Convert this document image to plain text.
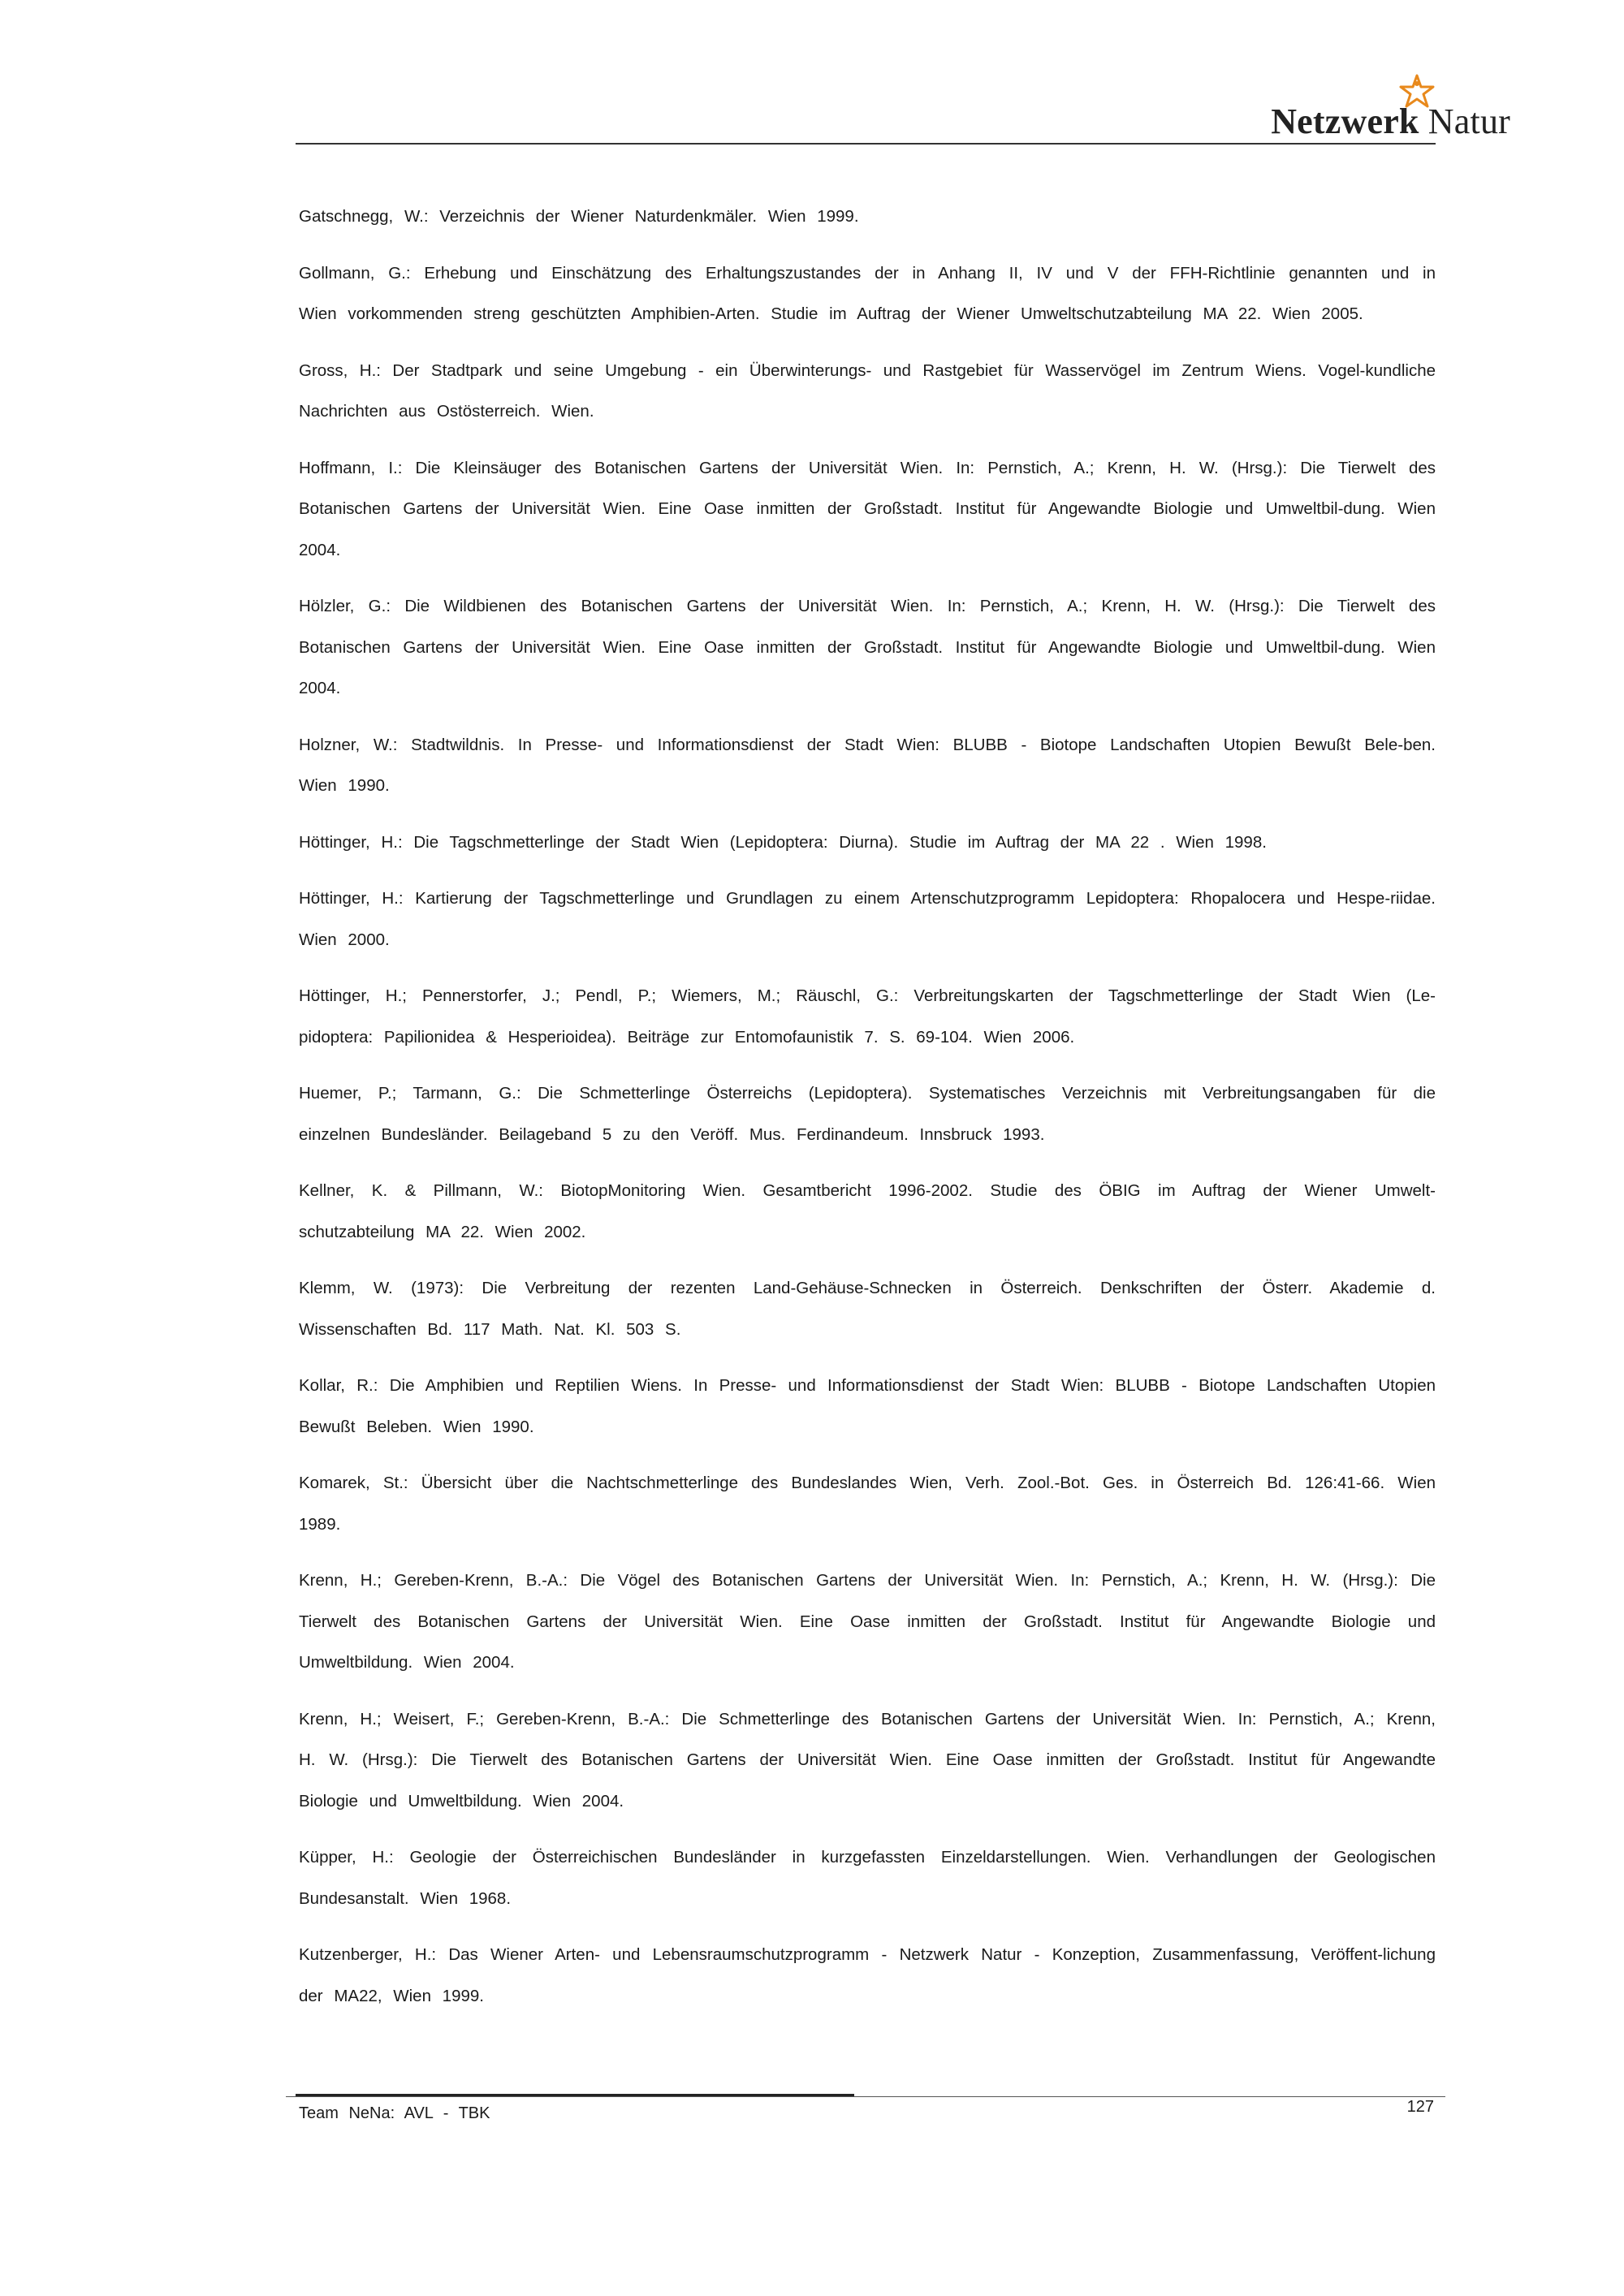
Netzwerk Natur

Gatschnegg, W.: Verzeichnis der Wiener Naturdenkmäler. Wien 1999.

Gollmann, G.: Erhebung und Einschätzung des Erhaltungszustandes der in Anhang II, IV und V der FFH-Richtlinie genannten und in Wien vorkommenden streng geschützten Amphibien-Arten. Studie im Auftrag der Wiener Umweltschutzabteilung MA 22. Wien 2005.

Gross, H.: Der Stadtpark und seine Umgebung - ein Überwinterungs- und Rastgebiet für Wasservögel im Zentrum Wiens. Vogel-kundliche Nachrichten aus Ostösterreich. Wien.

Hoffmann, I.: Die Kleinsäuger des Botanischen Gartens der Universität Wien. In: Pernstich, A.; Krenn, H. W. (Hrsg.): Die Tierwelt des Botanischen Gartens der Universität Wien. Eine Oase inmitten der Großstadt. Institut für Angewandte Biologie und Umweltbil-dung. Wien 2004.

Hölzler, G.: Die Wildbienen des Botanischen Gartens der Universität Wien. In: Pernstich, A.; Krenn, H. W. (Hrsg.): Die Tierwelt des Botanischen Gartens der Universität Wien. Eine Oase inmitten der Großstadt. Institut für Angewandte Biologie und Umweltbil-dung. Wien 2004.

Holzner, W.: Stadtwildnis. In Presse- und Informationsdienst der Stadt Wien: BLUBB - Biotope Landschaften Utopien Bewußt Bele-ben. Wien 1990.

Höttinger, H.: Die Tagschmetterlinge der Stadt Wien (Lepidoptera: Diurna). Studie im Auftrag der MA 22 . Wien 1998.

Höttinger, H.: Kartierung der Tagschmetterlinge und Grundlagen zu einem Artenschutzprogramm Lepidoptera: Rhopalocera und Hespe-riidae. Wien 2000.

Höttinger, H.; Pennerstorfer, J.; Pendl, P.; Wiemers, M.; Räuschl, G.: Verbreitungskarten der Tagschmetterlinge der Stadt Wien (Le-pidoptera: Papilionidea & Hesperioidea). Beiträge zur Entomofaunistik 7. S. 69-104. Wien 2006.

Huemer, P.; Tarmann, G.: Die Schmetterlinge Österreichs (Lepidoptera). Systematisches Verzeichnis mit Verbreitungsangaben für die einzelnen Bundesländer. Beilageband 5 zu den Veröff. Mus. Ferdinandeum. Innsbruck 1993.

Kellner, K. & Pillmann, W.: BiotopMonitoring Wien. Gesamtbericht 1996-2002. Studie des ÖBIG im Auftrag der Wiener Umwelt-schutzabteilung MA 22. Wien 2002.

Klemm, W. (1973): Die Verbreitung der rezenten Land-Gehäuse-Schnecken in Österreich. Denkschriften der Österr. Akademie d. Wissenschaften Bd. 117 Math. Nat. Kl. 503 S.

Kollar, R.: Die Amphibien und Reptilien Wiens. In Presse- und Informationsdienst der Stadt Wien: BLUBB - Biotope Landschaften Utopien Bewußt Beleben. Wien 1990.

Komarek, St.: Übersicht über die Nachtschmetterlinge des Bundeslandes Wien, Verh. Zool.-Bot. Ges. in Österreich Bd. 126:41-66. Wien 1989.

Krenn, H.; Gereben-Krenn, B.-A.: Die Vögel des Botanischen Gartens der Universität Wien. In: Pernstich, A.; Krenn, H. W. (Hrsg.): Die Tierwelt des Botanischen Gartens der Universität Wien. Eine Oase inmitten der Großstadt. Institut für Angewandte Biologie und Umweltbildung. Wien 2004.

Krenn, H.; Weisert, F.; Gereben-Krenn, B.-A.: Die Schmetterlinge des Botanischen Gartens der Universität Wien. In: Pernstich, A.; Krenn, H. W. (Hrsg.): Die Tierwelt des Botanischen Gartens der Universität Wien. Eine Oase inmitten der Großstadt. Institut für Angewandte Biologie und Umweltbildung. Wien 2004.

Küpper, H.: Geologie der Österreichischen Bundesländer in kurzgefassten Einzeldarstellungen. Wien. Verhandlungen der Geologischen Bundesanstalt. Wien 1968.

Kutzenberger, H.: Das Wiener Arten- und Lebensraumschutzprogramm - Netzwerk Natur - Konzeption, Zusammenfassung, Veröffent-lichung der MA22, Wien 1999.

Team NeNa: AVL - TBK	127
